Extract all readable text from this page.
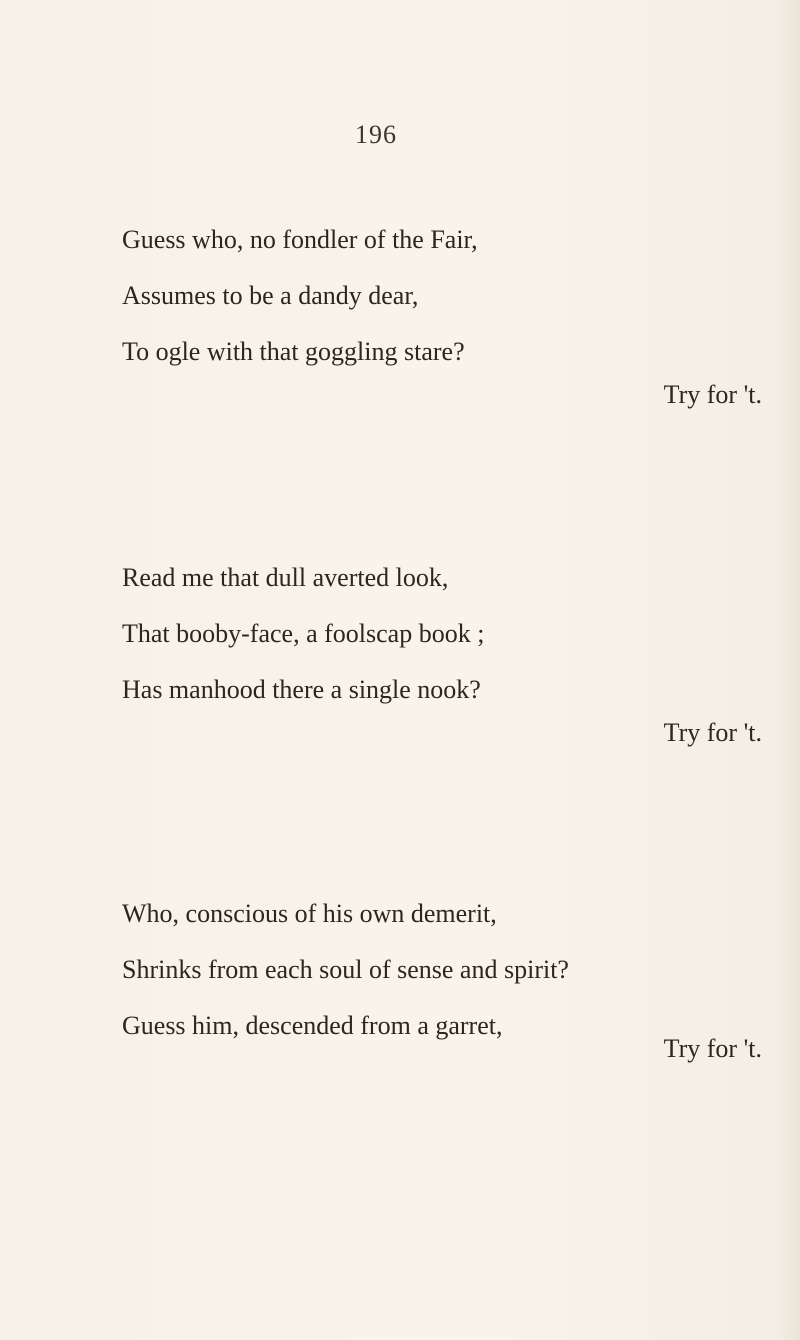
196
Guess who, no fondler of the Fair,
Assumes to be a dandy dear,
To ogle with that goggling stare?
Try for 't.
Read me that dull averted look,
That booby-face, a foolscap book ;
Has manhood there a single nook?
Try for 't.
Who, conscious of his own demerit,
Shrinks from each soul of sense and spirit?
Guess him, descended from a garret,
Try for 't.
